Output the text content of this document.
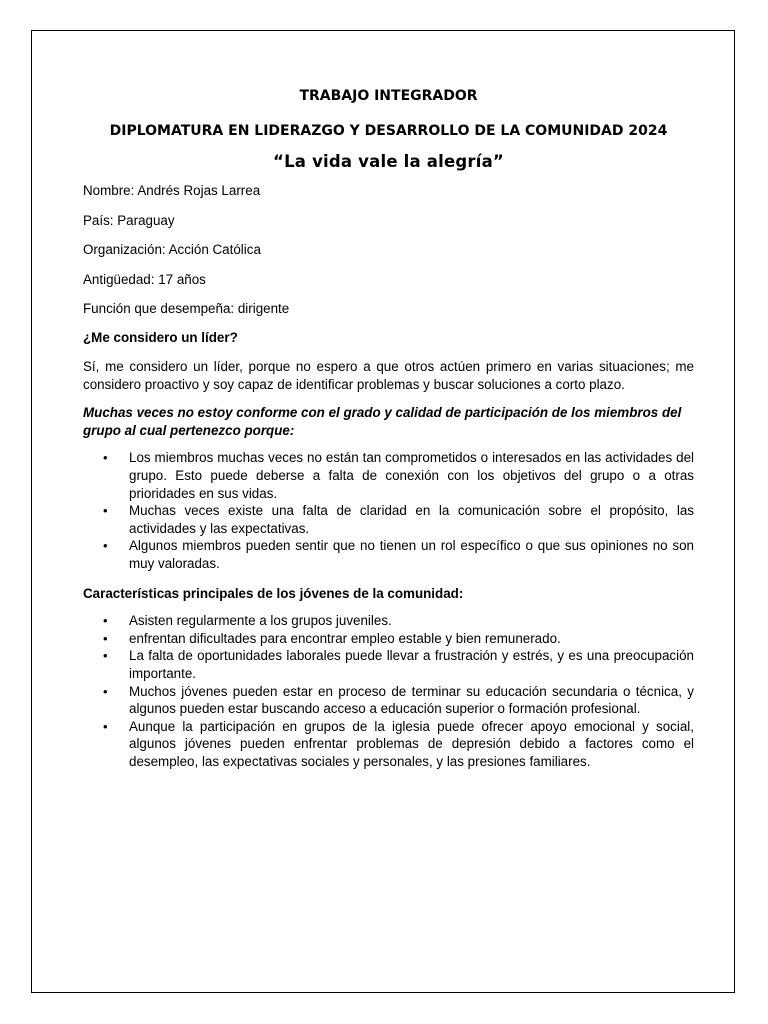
TRABAJO INTEGRADOR

DIPLOMATURA EN LIDERAZGO Y DESARROLLO DE LA COMUNIDAD 2024

“La vida vale la alegría”

Nombre: Andrés Rojas Larrea

País: Paraguay

Organización: Acción Católica

Antigüedad: 17 años

Función que desempeña: dirigente

¿Me considero un líder?

Sí, me considero un líder, porque no espero a que otros actúen primero en varias situaciones; me considero proactivo y soy capaz de identificar problemas y buscar soluciones a corto plazo.

Muchas veces no estoy conforme con el grado y calidad de participación de los miembros del grupo al cual pertenezco porque:

• Los miembros muchas veces no están tan comprometidos o interesados en las actividades del grupo. Esto puede deberse a falta de conexión con los objetivos del grupo o a otras prioridades en sus vidas.
• Muchas veces existe una falta de claridad en la comunicación sobre el propósito, las actividades y las expectativas.
• Algunos miembros pueden sentir que no tienen un rol específico o que sus opiniones no son muy valoradas.

Características principales de los jóvenes de la comunidad:

• Asisten regularmente a los grupos juveniles.
• enfrentan dificultades para encontrar empleo estable y bien remunerado.
• La falta de oportunidades laborales puede llevar a frustración y estrés, y es una preocupación importante.
• Muchos jóvenes pueden estar en proceso de terminar su educación secundaria o técnica, y algunos pueden estar buscando acceso a educación superior o formación profesional.
• Aunque la participación en grupos de la iglesia puede ofrecer apoyo emocional y social, algunos jóvenes pueden enfrentar problemas de depresión debido a factores como el desempleo, las expectativas sociales y personales, y las presiones familiares.
